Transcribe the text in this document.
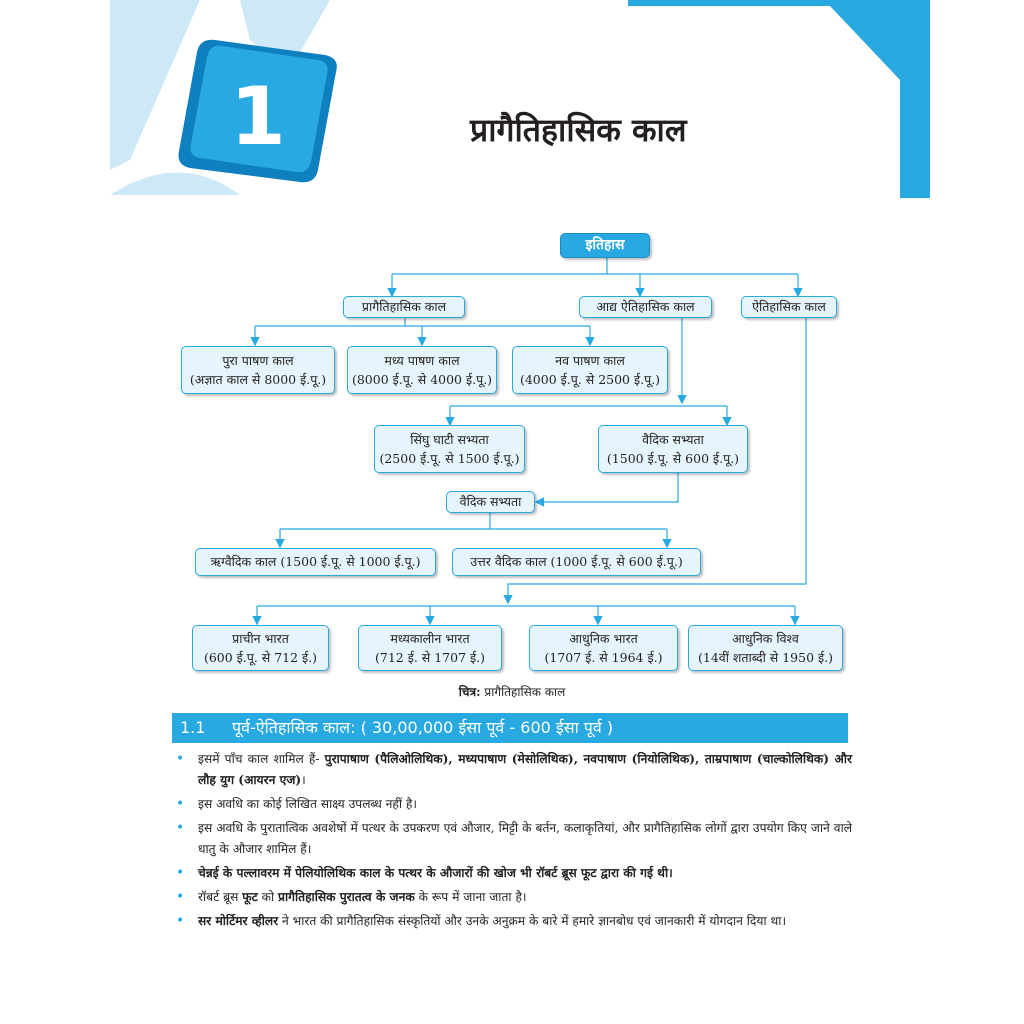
1	प्रागैतिहासिक काल
इतिहास
प्रागैतिहासिक काल	आद्य ऐतिहासिक काल	ऐतिहासिक काल
पुरा पाषण काल
(अज्ञात काल से 8000 ई.पू.)
मध्य पाषण काल
(8000 ई.पू. से 4000 ई.पू.)
नव पाषण काल
(4000 ई.पू. से 2500 ई.पू.)
सिंघु घाटी सभ्यता
(2500 ई.पू. से 1500 ई.पू.)
वैदिक सभ्यता
(1500 ई.पू. से 600 ई.पू.)
वैदिक सभ्यता
ऋग्वैदिक काल (1500 ई.पू. से 1000 ई.पू.)	उत्तर वैदिक काल (1000 ई.पू. से 600 ई.पू.)
प्राचीन भारत
(600 ई.पू. से 712 ई.)
मध्यकालीन भारत
(712 ई. से 1707 ई.)
आधुनिक भारत
(1707 ई. से 1964 ई.)
आधुनिक विश्व
(14वीं शताब्दी से 1950 ई.)
चित्र: प्रागैतिहासिक काल
1.1 पूर्व-ऐतिहासिक काल: ( 30,00,000 ईसा पूर्व - 600 ईसा पूर्व )
• इसमें पाँच काल शामिल हैं- पुरापाषाण (पैलिओलिथिक), मध्यपाषाण (मेसोलिथिक), नवपाषाण (नियोलिथिक), ताम्रपाषाण (चाल्कोलिथिक) और लौह युग (आयरन एज)।
• इस अवधि का कोई लिखित साक्ष्य उपलब्ध नहीं है।
• इस अवधि के पुरातात्विक अवशेषों में पत्थर के उपकरण एवं औजार, मिट्टी के बर्तन, कलाकृतियां, और प्रागैतिहासिक लोगों द्वारा उपयोग किए जाने वाले धातु के औजार शामिल हैं।
• चेन्नई के पल्लावरम में पेलियोलिथिक काल के पत्थर के औजारों की खोज भी रॉबर्ट ब्रूस फूट द्वारा की गई थी।
• रॉबर्ट ब्रूस फूट को प्रागैतिहासिक पुरातत्व के जनक के रूप में जाना जाता है।
• सर मोर्टिमर व्हीलर ने भारत की प्रागैतिहासिक संस्कृतियों और उनके अनुक्रम के बारे में हमारे ज्ञानबोध एवं जानकारी में योगदान दिया था।
